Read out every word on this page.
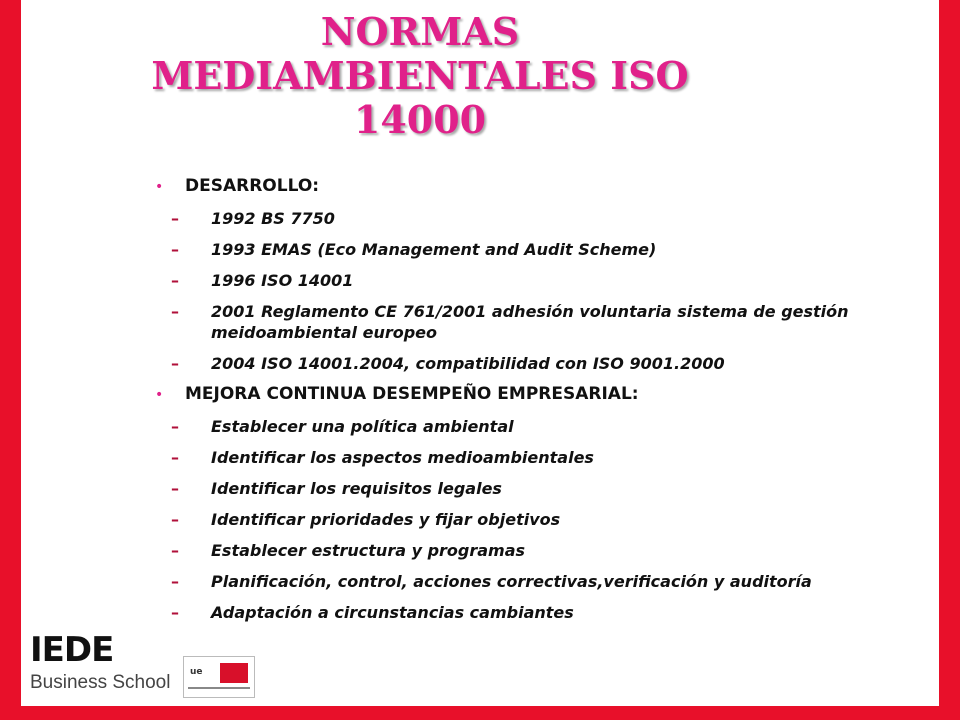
NORMAS
MEDIAMBIENTALES ISO
14000
•	DESARROLLO:
–	1992 BS 7750
–	1993 EMAS (Eco Management and Audit Scheme)
–	1996 ISO 14001
–	2001 Reglamento CE 761/2001 adhesión voluntaria sistema de gestión meidoambiental europeo
–	2004 ISO 14001.2004, compatibilidad con ISO 9001.2000
•	MEJORA CONTINUA DESEMPEÑO EMPRESARIAL:
–	Establecer una política ambiental
–	Identificar los aspectos medioambientales
–	Identificar los requisitos legales
–	Identificar prioridades y fijar objetivos
–	Establecer estructura y programas
–	Planificación, control, acciones correctivas,verificación y auditoría
–	Adaptación a circunstancias cambiantes
IEDE
Business School ue
